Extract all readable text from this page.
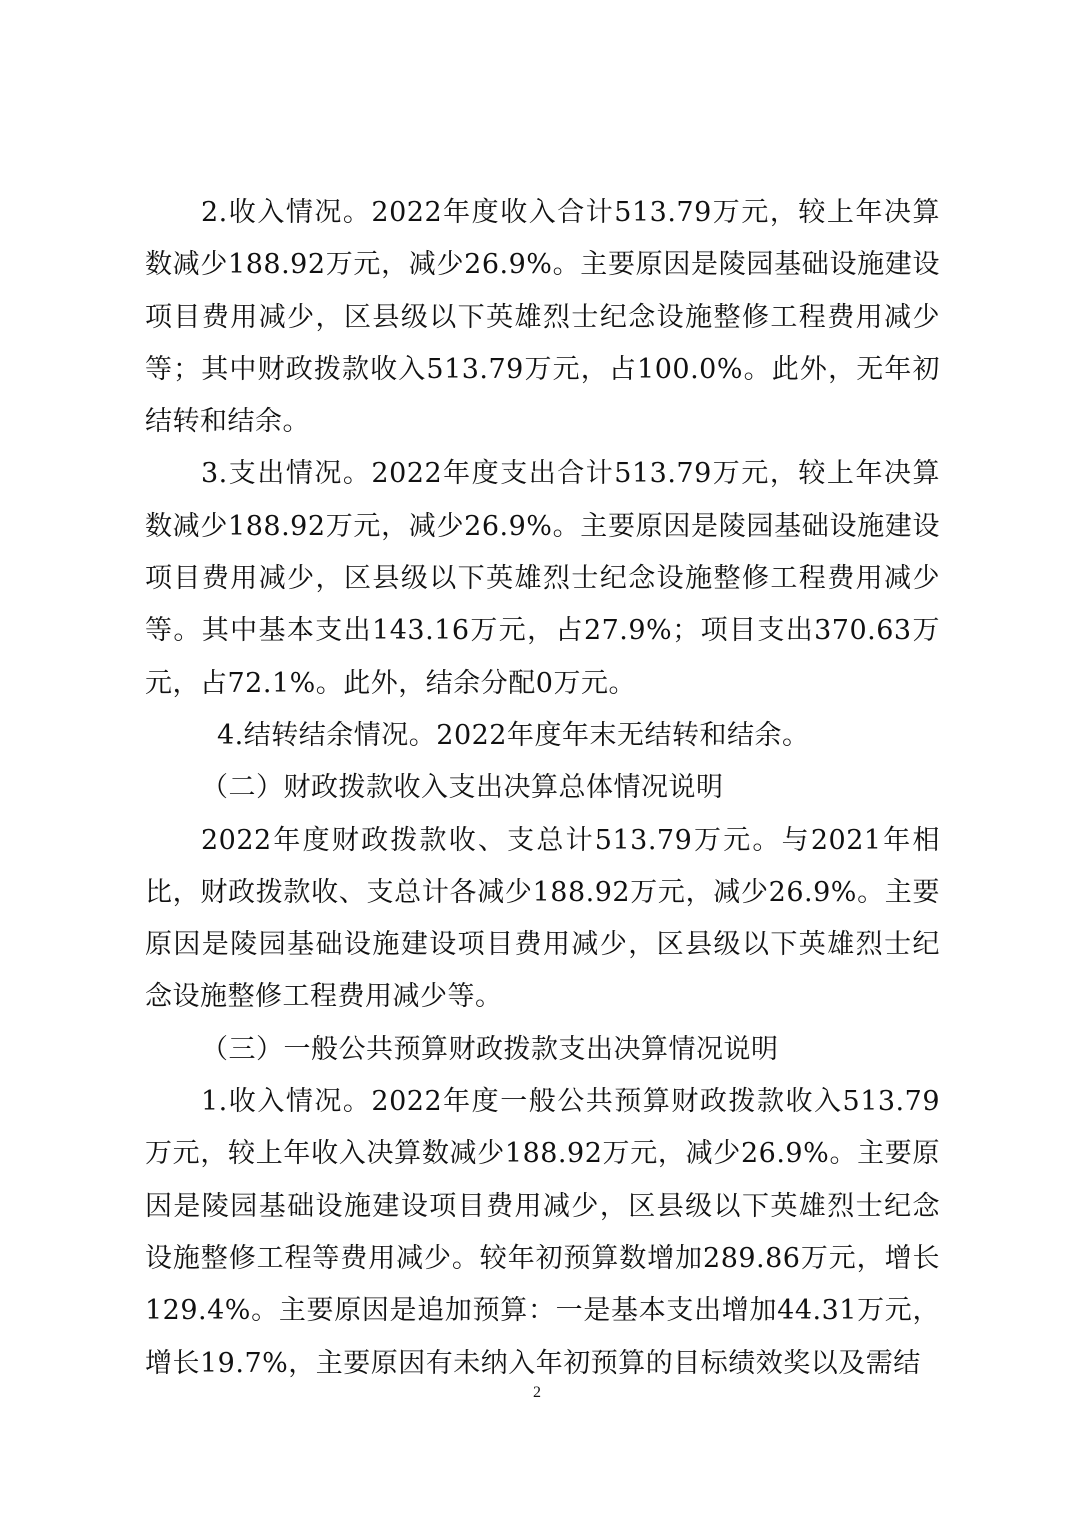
2.收入情况。2022年度收入合计513.79万元，较上年决算数减少188.92万元，减少26.9%。主要原因是陵园基础设施建设项目费用减少，区县级以下英雄烈士纪念设施整修工程费用减少等；其中财政拨款收入513.79万元，占100.0%。此外，无年初结转和结余。

3.支出情况。2022年度支出合计513.79万元，较上年决算数减少188.92万元，减少26.9%。主要原因是陵园基础设施建设项目费用减少，区县级以下英雄烈士纪念设施整修工程费用减少等。其中基本支出143.16万元，占27.9%；项目支出370.63万元，占72.1%。此外，结余分配0万元。

4.结转结余情况。2022年度年末无结转和结余。

（二）财政拨款收入支出决算总体情况说明

2022年度财政拨款收、支总计513.79万元。与2021年相比，财政拨款收、支总计各减少188.92万元，减少26.9%。主要原因是陵园基础设施建设项目费用减少，区县级以下英雄烈士纪念设施整修工程费用减少等。

（三）一般公共预算财政拨款支出决算情况说明

1.收入情况。2022年度一般公共预算财政拨款收入513.79万元，较上年收入决算数减少188.92万元，减少26.9%。主要原因是陵园基础设施建设项目费用减少，区县级以下英雄烈士纪念设施整修工程等费用减少。较年初预算数增加289.86万元，增长129.4%。主要原因是追加预算：一是基本支出增加44.31万元，增长19.7%，主要原因有未纳入年初预算的目标绩效奖以及需结

2
